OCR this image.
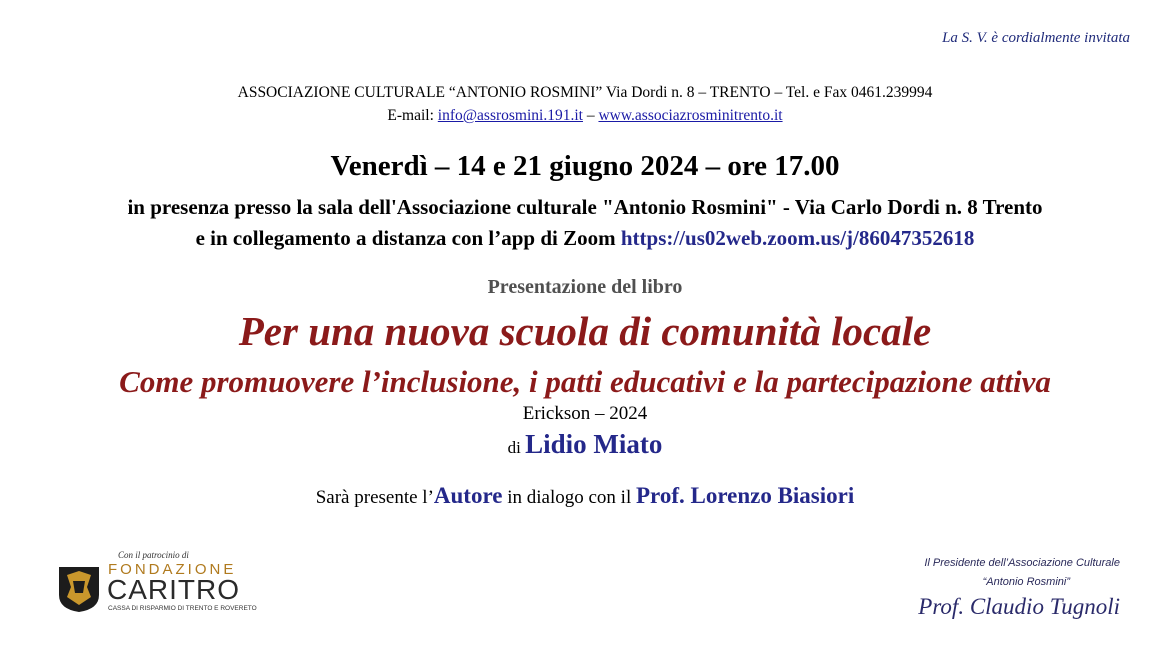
La S. V. è cordialmente invitata
ASSOCIAZIONE CULTURALE “ANTONIO ROSMINI” Via Dordi n. 8 – TRENTO – Tel. e Fax 0461.239994
E-mail: info@assrosmini.191.it – www.associazrosminitrento.it
Venerdì – 14 e 21 giugno 2024 – ore 17.00
in presenza presso la sala dell'Associazione culturale "Antonio Rosmini" - Via Carlo Dordi n. 8 Trento
e in collegamento a distanza con l’app di Zoom https://us02web.zoom.us/j/86047352618
Presentazione del libro
Per una nuova scuola di comunità locale
Come promuovere l’inclusione, i patti educativi e la partecipazione attiva
Erickson – 2024
di Lidio Miato
Sarà presente l’Autore in dialogo con il Prof. Lorenzo Biasiori
Con il patrocinio di
FONDAZIONE
CARITRO
CASSA DI RISPARMIO DI TRENTO E ROVERETO
Il Presidente dell’Associazione Culturale
“Antonio Rosmini”
Prof. Claudio Tugnoli
